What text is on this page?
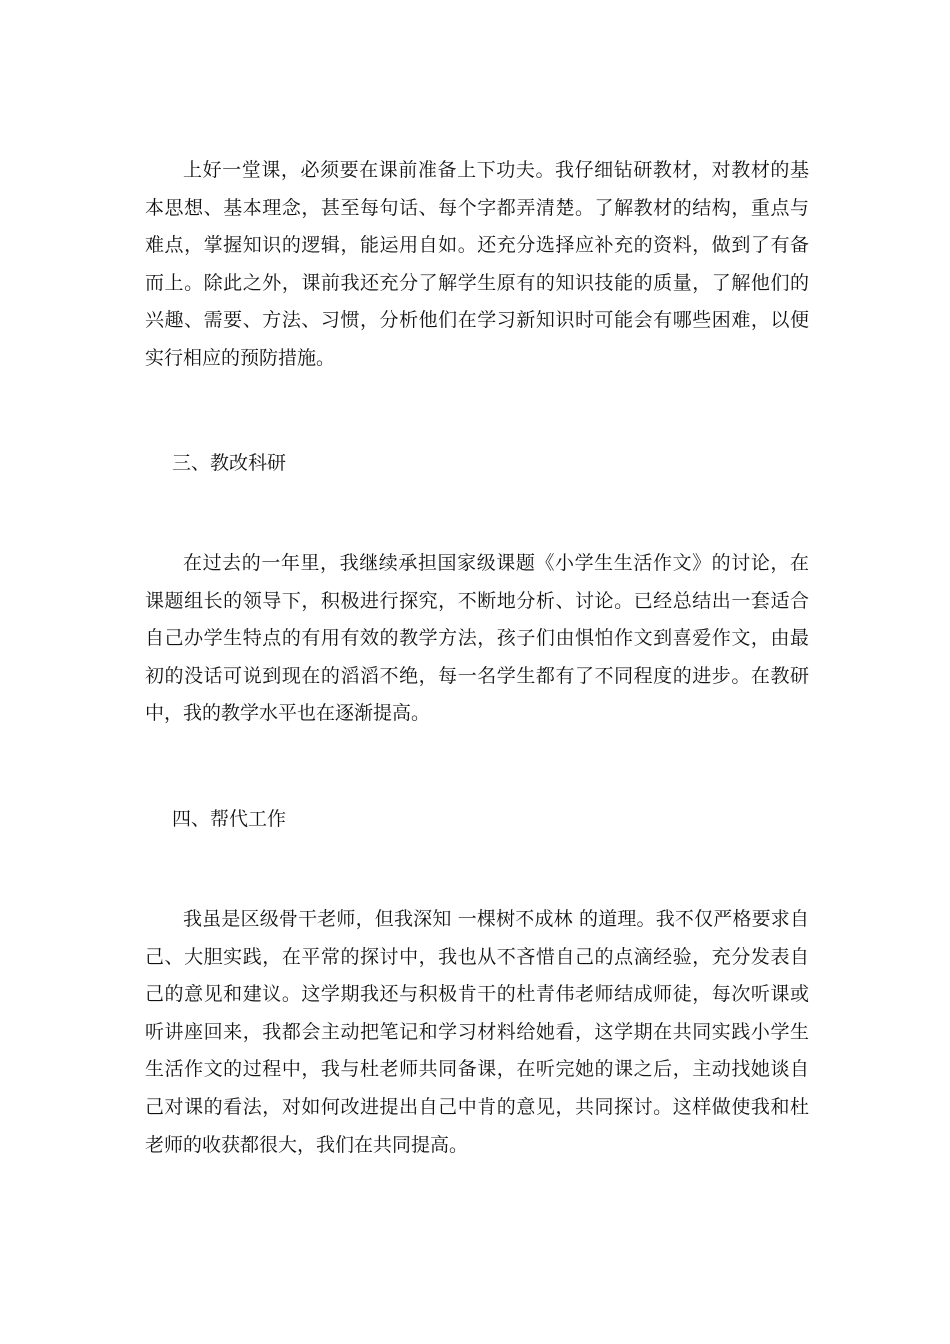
上好一堂课，必须要在课前准备上下功夫。我仔细钻研教材，对教材的基本思想、基本理念，甚至每句话、每个字都弄清楚。了解教材的结构，重点与难点，掌握知识的逻辑，能运用自如。还充分选择应补充的资料，做到了有备而上。除此之外，课前我还充分了解学生原有的知识技能的质量，了解他们的兴趣、需要、方法、习惯，分析他们在学习新知识时可能会有哪些困难，以便实行相应的预防措施。

三、教改科研

在过去的一年里，我继续承担国家级课题《小学生生活作文》的讨论，在课题组长的领导下，积极进行探究，不断地分析、讨论。已经总结出一套适合自己办学生特点的有用有效的教学方法，孩子们由惧怕作文到喜爱作文，由最初的没话可说到现在的滔滔不绝，每一名学生都有了不同程度的进步。在教研中，我的教学水平也在逐渐提高。

四、帮代工作

我虽是区级骨干老师，但我深知 一棵树不成林 的道理。我不仅严格要求自己、大胆实践，在平常的探讨中，我也从不吝惜自己的点滴经验，充分发表自己的意见和建议。这学期我还与积极肯干的杜青伟老师结成师徒，每次听课或听讲座回来，我都会主动把笔记和学习材料给她看，这学期在共同实践小学生生活作文的过程中，我与杜老师共同备课，在听完她的课之后，主动找她谈自己对课的看法，对如何改进提出自己中肯的意见，共同探讨。这样做使我和杜老师的收获都很大，我们在共同提高。
